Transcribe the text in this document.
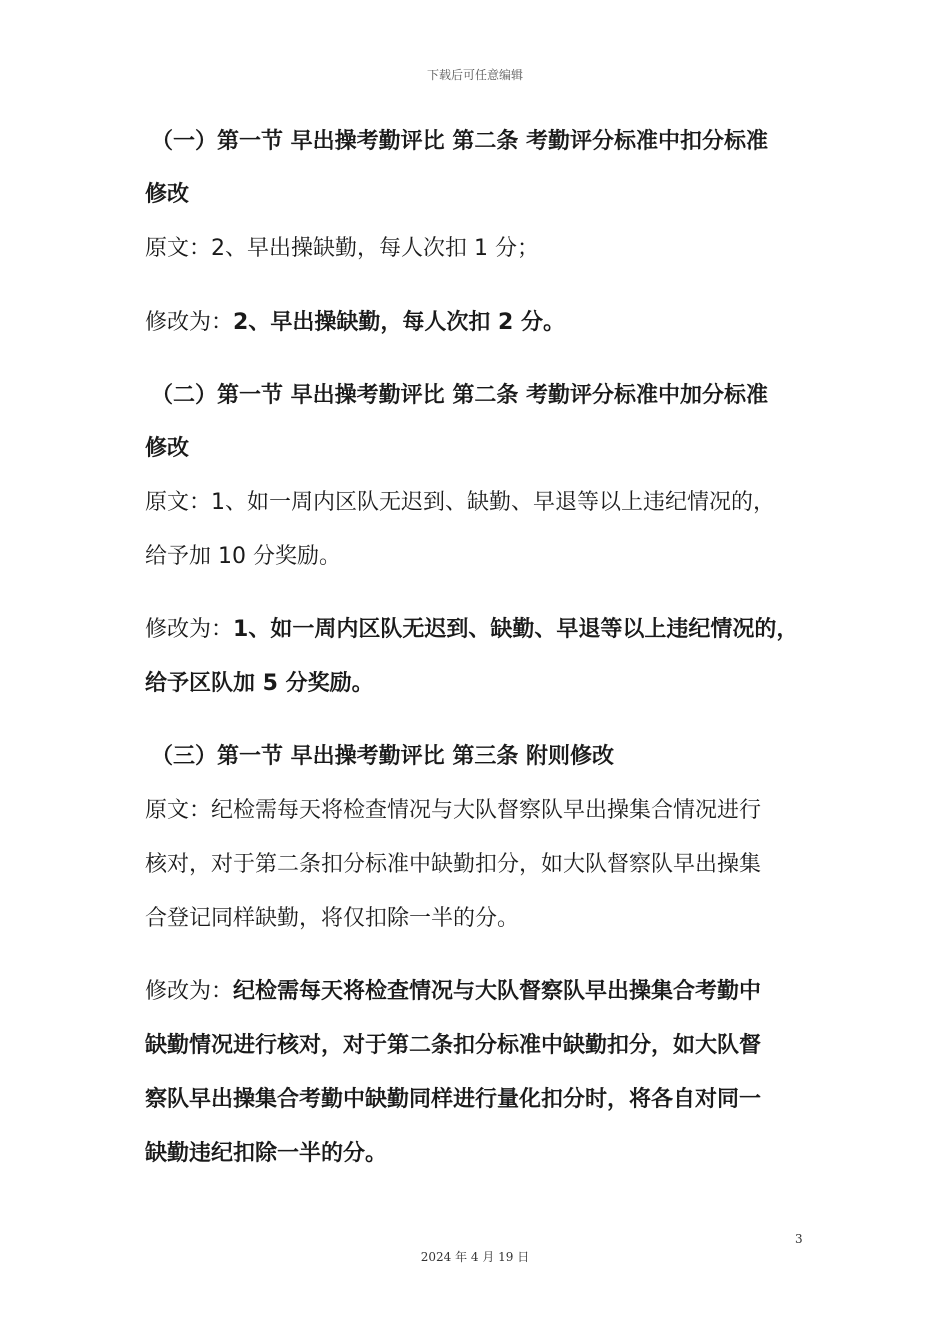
下载后可任意编辑
（一）第一节 早出操考勤评比 第二条 考勤评分标准中扣分标准
修改
原文：2、早出操缺勤，每人次扣 1 分；
修改为：2、早出操缺勤，每人次扣 2 分。
（二）第一节 早出操考勤评比 第二条 考勤评分标准中加分标准
修改
原文：1、如一周内区队无迟到、缺勤、早退等以上违纪情况的，
给予加 10 分奖励。
修改为：1、如一周内区队无迟到、缺勤、早退等以上违纪情况的，
给予区队加 5 分奖励。
（三）第一节 早出操考勤评比 第三条 附则修改
原文：纪检需每天将检查情况与大队督察队早出操集合情况进行
核对，对于第二条扣分标准中缺勤扣分，如大队督察队早出操集
合登记同样缺勤，将仅扣除一半的分。
修改为：纪检需每天将检查情况与大队督察队早出操集合考勤中
缺勤情况进行核对，对于第二条扣分标准中缺勤扣分，如大队督
察队早出操集合考勤中缺勤同样进行量化扣分时，将各自对同一
缺勤违纪扣除一半的分。
3
2024 年 4 月 19 日
